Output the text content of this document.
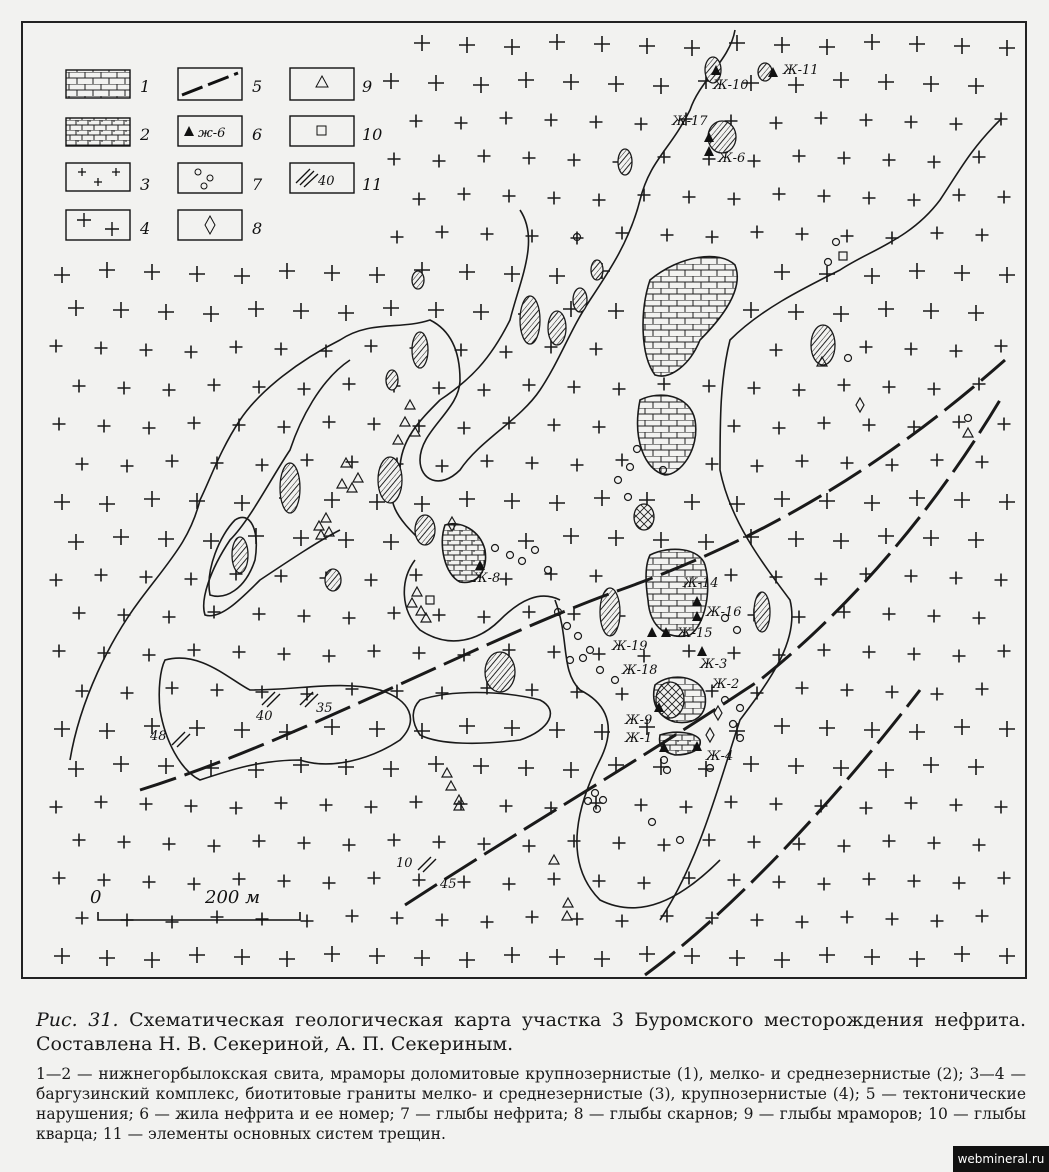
Ж-10
Ж-11
Ж-17
Ж-6
Ж-8	Ж-14
Ж-16
Ж-15
Ж-19
Ж-3
Ж-18
Ж-2
Ж-9
Ж-1
Ж-4
40
35
48
10
45
0	200 м
1
2
3
4
5
ж-6 6
7
8
9
10
40 11
Рис. 31. Схематическая геологическая карта участка 3 Буромского месторождения нефрита. Составлена Н. В. Секериной, А. П. Секериным.
1—2 — нижнегорбылокская свита, мраморы доломитовые крупнозернистые (1), мелко- и среднезернистые (2); 3—4 — баргузинский комплекс, биотитовые граниты мелко- и среднезернистые (3), крупнозернистые (4); 5 — тектонические нарушения; 6 — жила нефрита и ее номер; 7 — глыбы нефрита; 8 — глыбы скарнов; 9 — глыбы мраморов; 10 — глыбы кварца; 11 — элементы основных систем трещин.
webmineral.ru
